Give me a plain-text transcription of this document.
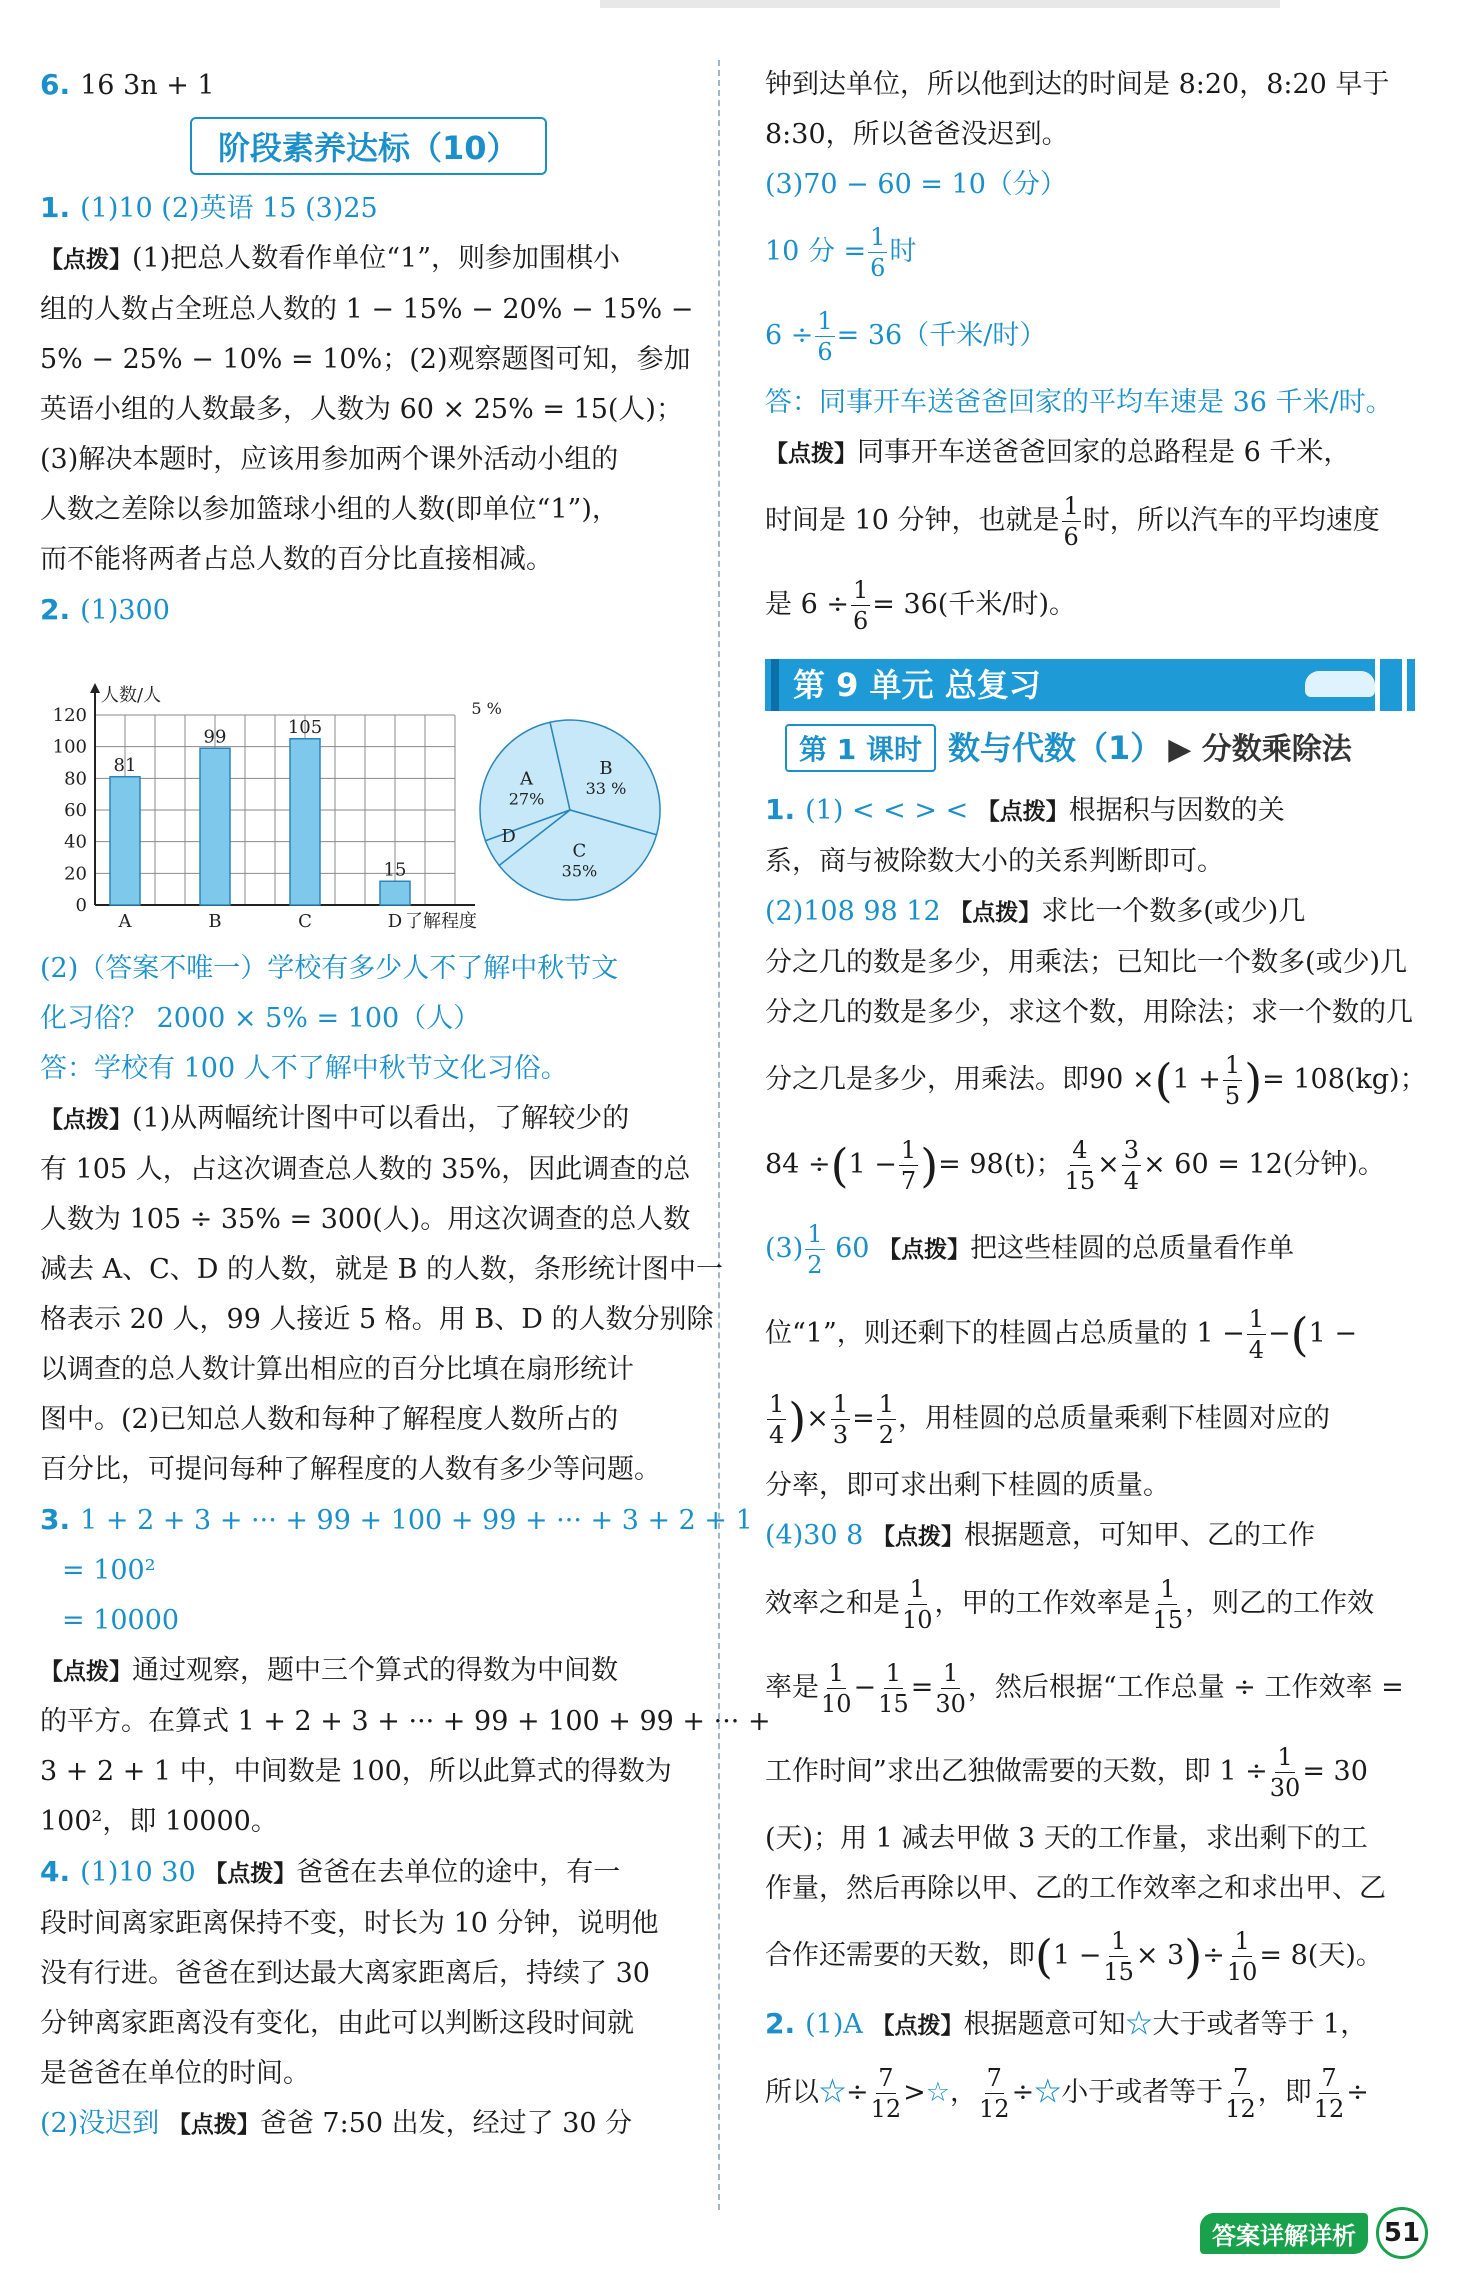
6. 16 3n + 1

阶段素养达标（10）

1. (1)10 (2)英语 15 (3)25

【点拨】(1)把总人数看作单位“1”，则参加围棋小

组的人数占全班总人数的 1 − 15% − 20% − 15% −

5% − 25% − 10% = 10%；(2)观察题图可知，参加

英语小组的人数最多，人数为 60 × 25% = 15(人)；

(3)解决本题时，应该用参加两个课外活动小组的

人数之差除以参加篮球小组的人数(即单位“1”)，

而不能将两者占总人数的百分比直接相减。

2. (1)300

0
20
40
60
80
100
120
人数/人
了解程度
81
A
99
B
105
C
15
D
A
27%
B
33 %
C
35%
D
5 %

(2)（答案不唯一）学校有多少人不了解中秋节文

化习俗？ 2000 × 5% = 100（人）

答：学校有 100 人不了解中秋节文化习俗。

【点拨】(1)从两幅统计图中可以看出，了解较少的

有 105 人，占这次调查总人数的 35%，因此调查的总

人数为 105 ÷ 35% = 300(人)。用这次调查的总人数

减去 A、C、D 的人数，就是 B 的人数，条形统计图中一

格表示 20 人，99 人接近 5 格。用 B、D 的人数分别除

以调查的总人数计算出相应的百分比填在扇形统计

图中。(2)已知总人数和每种了解程度人数所占的

百分比，可提问每种了解程度的人数有多少等问题。

3. 1 + 2 + 3 + ··· + 99 + 100 + 99 + ··· + 3 + 2 + 1

= 100²

= 10000

【点拨】通过观察，题中三个算式的得数为中间数

的平方。在算式 1 + 2 + 3 + ··· + 99 + 100 + 99 + ··· +

3 + 2 + 1 中，中间数是 100，所以此算式的得数为

100²，即 10000。

4. (1)10 30 【点拨】爸爸在去单位的途中，有一

段时间离家距离保持不变，时长为 10 分钟，说明他

没有行进。爸爸在到达最大离家距离后，持续了 30

分钟离家距离没有变化，由此可以判断这段时间就

是爸爸在单位的时间。

(2)没迟到 【点拨】爸爸 7:50 出发，经过了 30 分

钟到达单位，所以他到达的时间是 8:20，8:20 早于

8:30，所以爸爸没迟到。

(3)70 − 60 = 10（分）

10 分 = $\frac{1}{6}$ 时

$6 \div \frac{1}{6} = 36$（千米/时）

答：同事开车送爸爸回家的平均车速是 36 千米/时。

【点拨】同事开车送爸爸回家的总路程是 6 千米，

时间是 10 分钟，也就是 $\frac{1}{6}$ 时，所以汽车的平均速度

是 $6 \div \frac{1}{6} = 36$(千米/时)。

第 9 单元 总复习
第 1 课时 数与代数（1） ▶ 分数乘除法

1. (1) < < > < 【点拨】根据积与因数的关

系，商与被除数大小的关系判断即可。

(2)108 98 12 【点拨】求比一个数多(或少)几

分之几的数是多少，用乘法；已知比一个数多(或少)几

分之几的数是多少，求这个数，用除法；求一个数的几

分之几是多少，用乘法。即$90 \times(1 + \frac{1}{5}$ )= 108(kg)；

$84 \div(1 - \frac{1}{7}$ )= 98(t)； $\frac{4}{15} \times \frac{3}{4} \times 60 = 12$(分钟)。

$(3) \frac{1}{2} 60$ 【点拨】把这些桂圆的总质量看作单

位“1”，则还剩下的桂圆占总质量的 $1 - \frac{1}{4} -(1$ −

$\frac{1}{4}$ )× $\frac{1}{3} = \frac{1}{2}$ ，用桂圆的总质量乘剩下桂圆对应的

分率，即可求出剩下桂圆的质量。

(4)30 8 【点拨】根据题意，可知甲、乙的工作

效率之和是 $\frac{1}{10}$ ，甲的工作效率是 $\frac{1}{15}$ ，则乙的工作效

率是 $\frac{1}{10} - \frac{1}{15} = \frac{1}{30}$ ，然后根据“工作总量 ÷ 工作效率 =

工作时间”求出乙独做需要的天数，即 $1 \div \frac{1}{30} = 30$

(天)；用 1 减去甲做 3 天的工作量，求出剩下的工

作量，然后再除以甲、乙的工作效率之和求出甲、乙

合作还需要的天数，即$(1 - \frac{1}{15} \times 3)\div \frac{1}{10} = 8$(天)。

2. (1)A 【点拨】根据题意可知☆大于或者等于 1，

所以☆÷ $\frac{7}{12}$ >☆， $\frac{7}{12}$ ÷☆小于或者等于 $\frac{7}{12}$ ，即 $\frac{7}{12}$ ÷

答案详解详析	51
